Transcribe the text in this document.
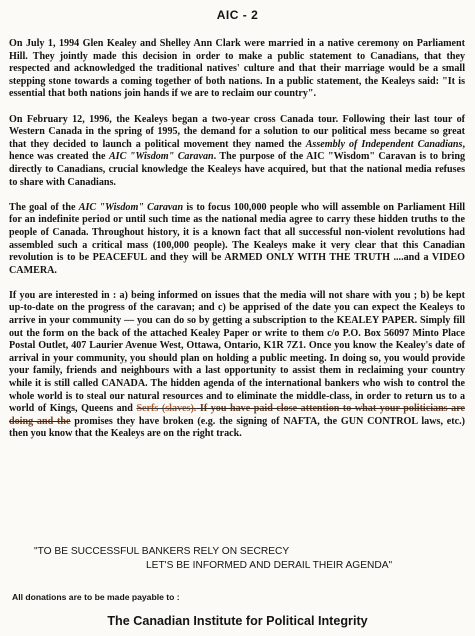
AIC - 2

On July 1, 1994 Glen Kealey and Shelley Ann Clark were married in a native ceremony on Parliament Hill. They jointly made this decision in order to make a public statement to Canadians, that they respected and acknowledged the traditional natives' culture and that their marriage would be a small stepping stone towards a coming together of both nations. In a public statement, the Kealeys said: "It is essential that both nations join hands if we are to reclaim our country".

On February 12, 1996, the Kealeys began a two-year cross Canada tour. Following their last tour of Western Canada in the spring of 1995, the demand for a solution to our political mess became so great that they decided to launch a political movement they named the Assembly of Independent Canadians, hence was created the AIC "Wisdom" Caravan. The purpose of the AIC "Wisdom" Caravan is to bring directly to Canadians, crucial knowledge the Kealeys have acquired, but that the national media refuses to share with Canadians.

The goal of the AIC "Wisdom" Caravan is to focus 100,000 people who will assemble on Parliament Hill for an indefinite period or until such time as the national media agree to carry these hidden truths to the people of Canada. Throughout history, it is a known fact that all successful non-violent revolutions had assembled such a critical mass (100,000 people). The Kealeys make it very clear that this Canadian revolution is to be PEACEFUL and they will be ARMED ONLY WITH THE TRUTH ....and a VIDEO CAMERA.

If you are interested in : a) being informed on issues that the media will not share with you ; b) be kept up-to-date on the progress of the caravan; and c) be apprised of the date you can expect the Kealeys to arrive in your community — you can do so by getting a subscription to the KEALEY PAPER. Simply fill out the form on the back of the attached Kealey Paper or write to them c/o P.O. Box 56097 Minto Place Postal Outlet, 407 Laurier Avenue West, Ottawa, Ontario, K1R 7Z1. Once you know the Kealey's date of arrival in your community, you should plan on holding a public meeting. In doing so, you would provide your family, friends and neighbours with a last opportunity to assist them in reclaiming your country while it is still called CANADA. The hidden agenda of the international bankers who wish to control the whole world is to steal our natural resources and to eliminate the middle-class, in order to return us to a world of Kings, Queens and Serfs (slaves). If you have paid close attention to what your politicians are doing and the promises they have broken (e.g. the signing of NAFTA, the GUN CONTROL laws, etc.) then you know that the Kealeys are on the right track.

"TO BE SUCCESSFUL BANKERS RELY ON SECRECY
LET'S BE INFORMED AND DERAIL THEIR AGENDA"
All donations are to be made payable to :
The Canadian Institute for Political Integrity
